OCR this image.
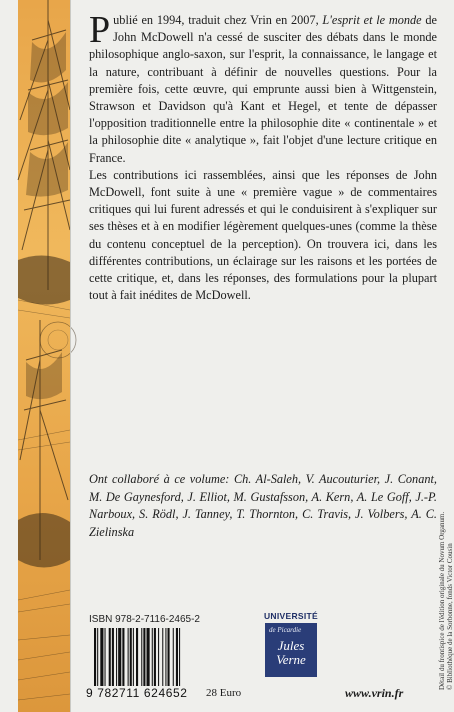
Publié en 1994, traduit chez Vrin en 2007, L'esprit et le monde de John McDowell n'a cessé de susciter des débats dans le monde philosophique anglo-saxon, sur l'esprit, la connaissance, le langage et la nature, contribuant à définir de nouvelles questions. Pour la première fois, cette œuvre, qui emprunte aussi bien à Wittgenstein, Strawson et Davidson qu'à Kant et Hegel, et tente de dépasser l'opposition traditionnelle entre la philosophie dite « continentale » et la philosophie dite « analytique », fait l'objet d'une lecture critique en France.

Les contributions ici rassemblées, ainsi que les réponses de John McDowell, font suite à une « première vague » de commentaires critiques qui lui furent adressés et qui le conduisirent à s'expliquer sur ses thèses et à en modifier légèrement quelques-unes (comme la thèse du contenu conceptuel de la perception). On trouvera ici, dans les différentes contributions, un éclairage sur les raisons et les portées de cette critique, et, dans les réponses, des formulations pour la plupart tout à fait inédites de McDowell.

Ont collaboré à ce volume: Ch. Al-Saleh, V. Aucouturier, J. Conant, M. De Gaynesford, J. Elliot, M. Gustafsson, A. Kern, A. Le Goff, J.-P. Narboux, S. Rödl, J. Tanney, T. Thornton, C. Travis, J. Volbers, A. C. Zielinska	Détail du frontispice de l'édition originale du Novum Organum. © Bibliothèque de la Sorbonne, fonds Victor Cousin
ISBN 978-2-7116-2465-2
9 782711 624652 28 Euro
UNIVERSITÉ
de Picardie
Jules Verne
www.vrin.fr
